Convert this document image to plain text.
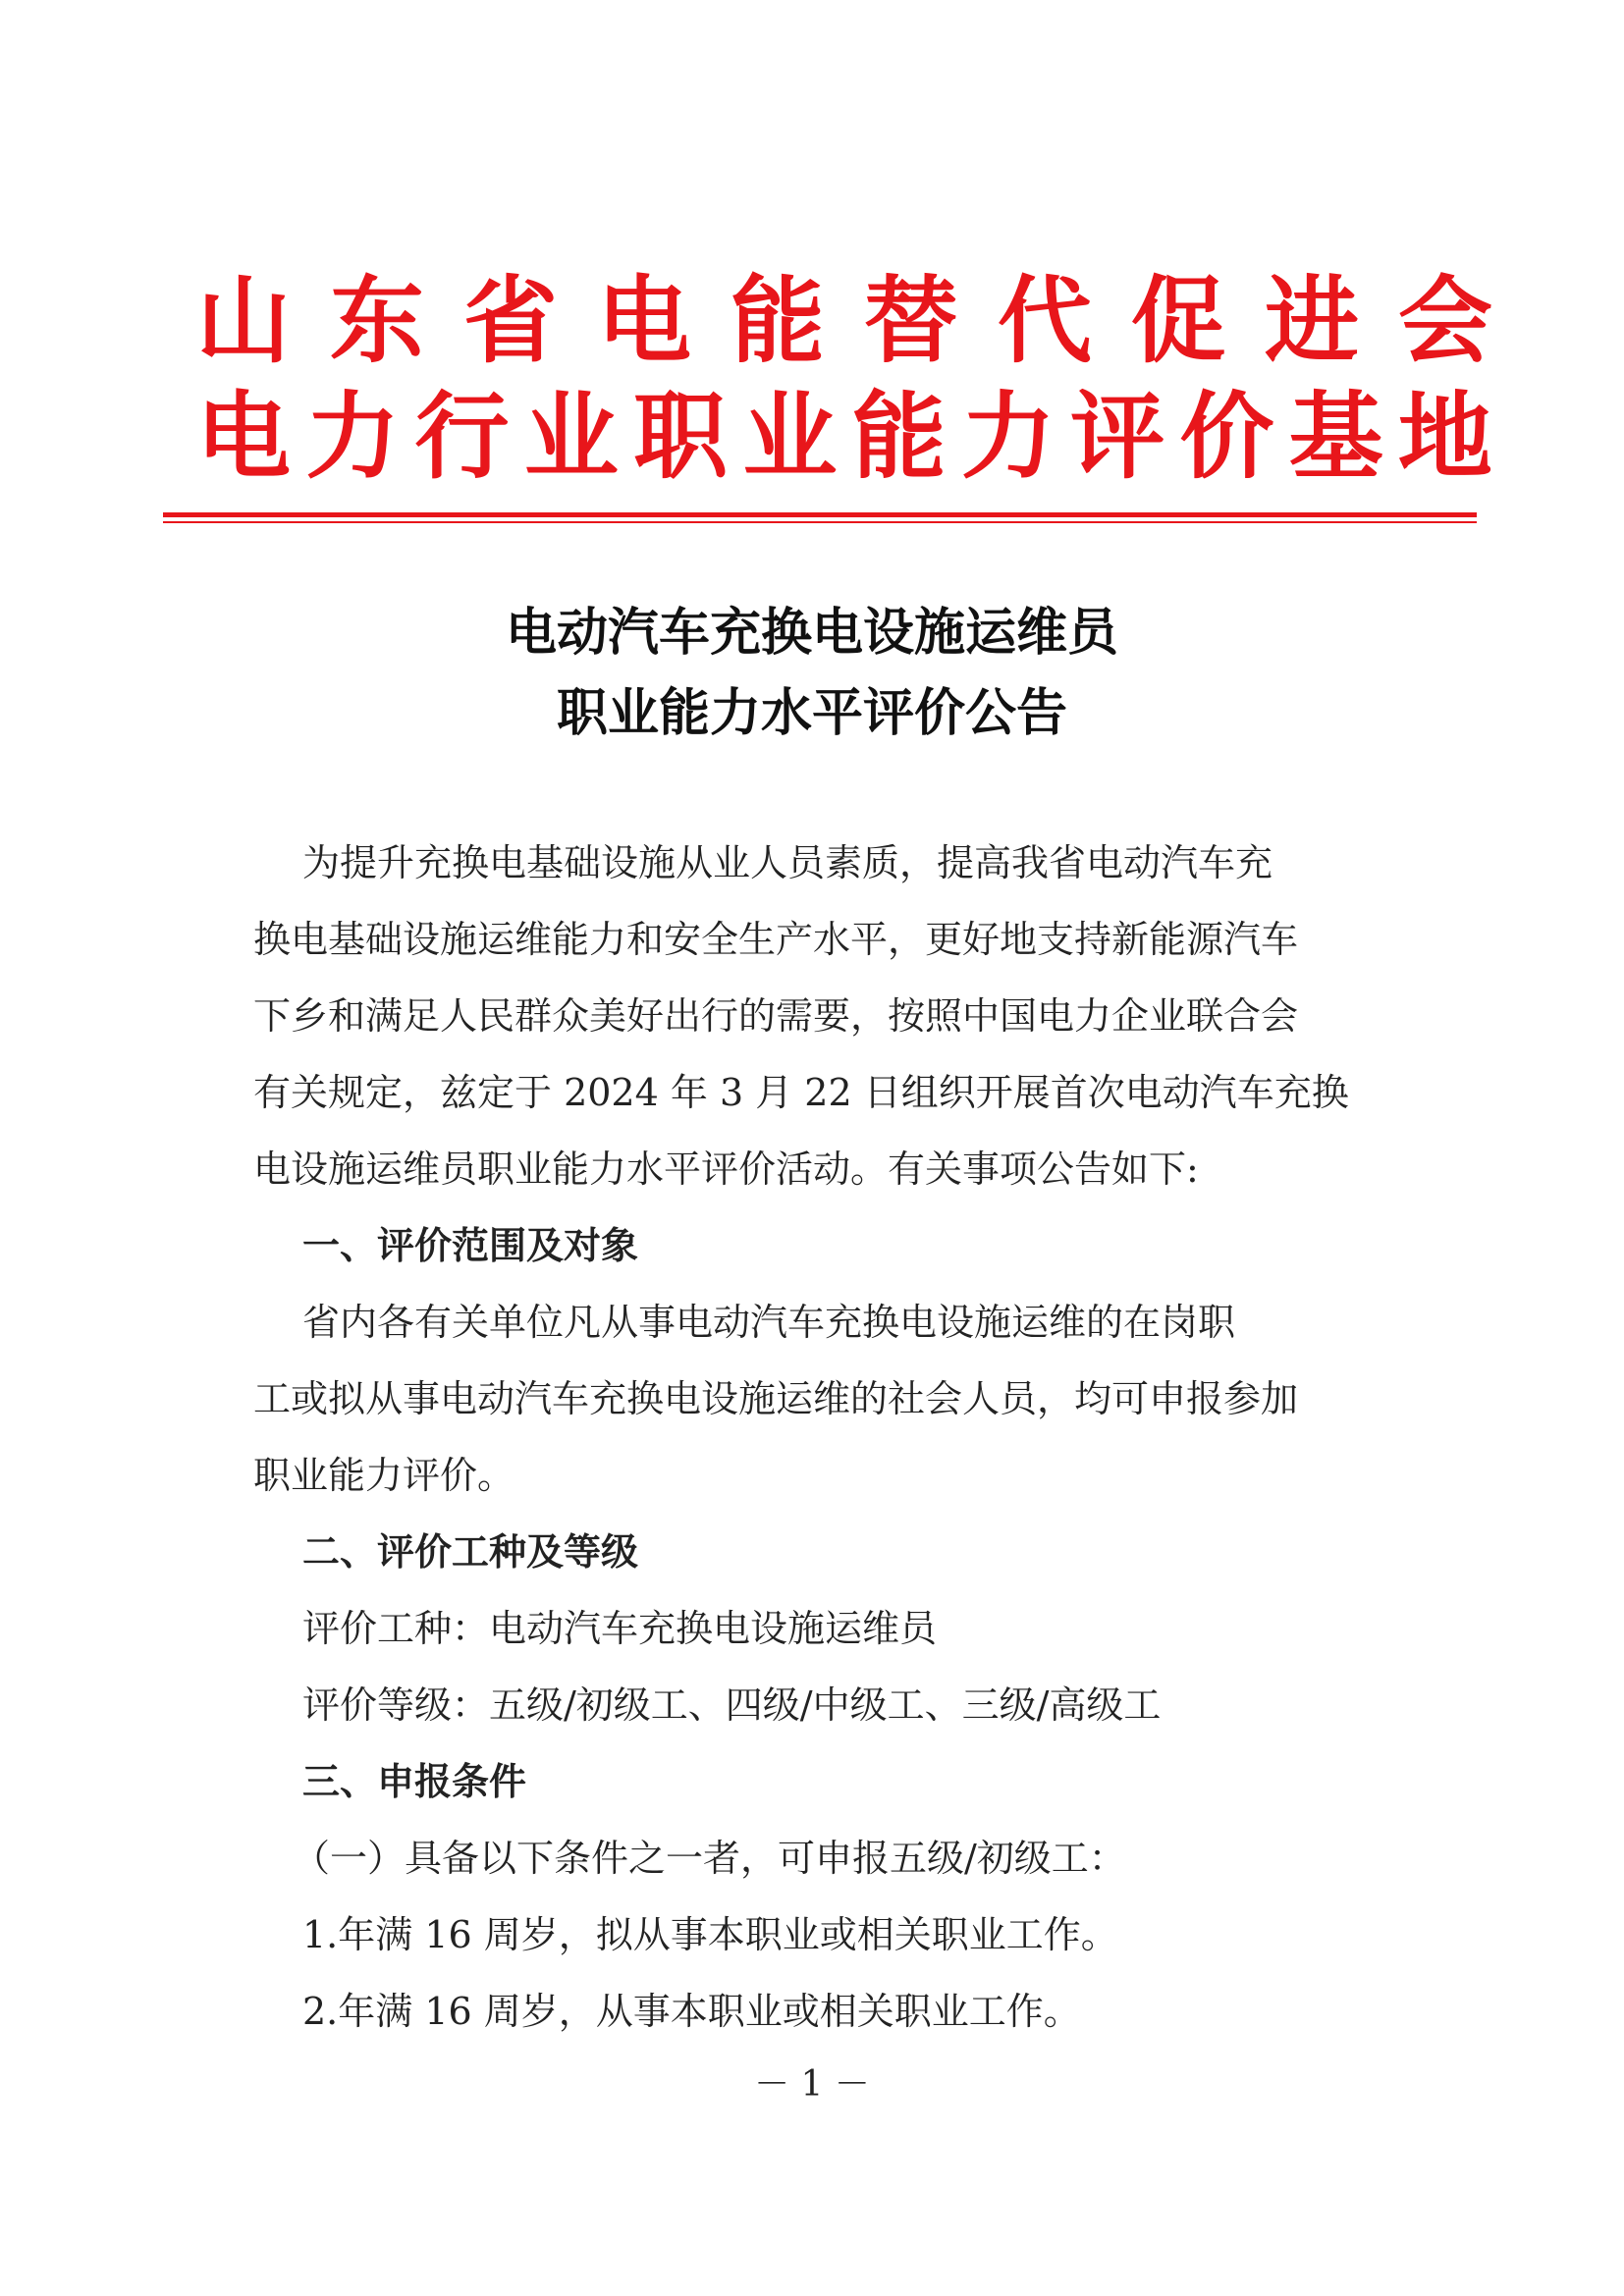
山 东 省 电 能 替 代 促 进 会
电 力 行 业 职 业 能 力 评 价 基 地
电动汽车充换电设施运维员
职业能力水平评价公告
为提升充换电基础设施从业人员素质，提高我省电动汽车充
换电基础设施运维能力和安全生产水平，更好地支持新能源汽车
下乡和满足人民群众美好出行的需要，按照中国电力企业联合会
有关规定，兹定于 2024 年 3 月 22 日组织开展首次电动汽车充换
电设施运维员职业能力水平评价活动。有关事项公告如下:
一、评价范围及对象
省内各有关单位凡从事电动汽车充换电设施运维的在岗职
工或拟从事电动汽车充换电设施运维的社会人员，均可申报参加
职业能力评价。
二、评价工种及等级
评价工种：电动汽车充换电设施运维员
评价等级：五级/初级工、四级/中级工、三级/高级工
三、申报条件
（一）具备以下条件之一者，可申报五级/初级工：
1.年满 16 周岁，拟从事本职业或相关职业工作。
2.年满 16 周岁，从事本职业或相关职业工作。
－ 1 －
